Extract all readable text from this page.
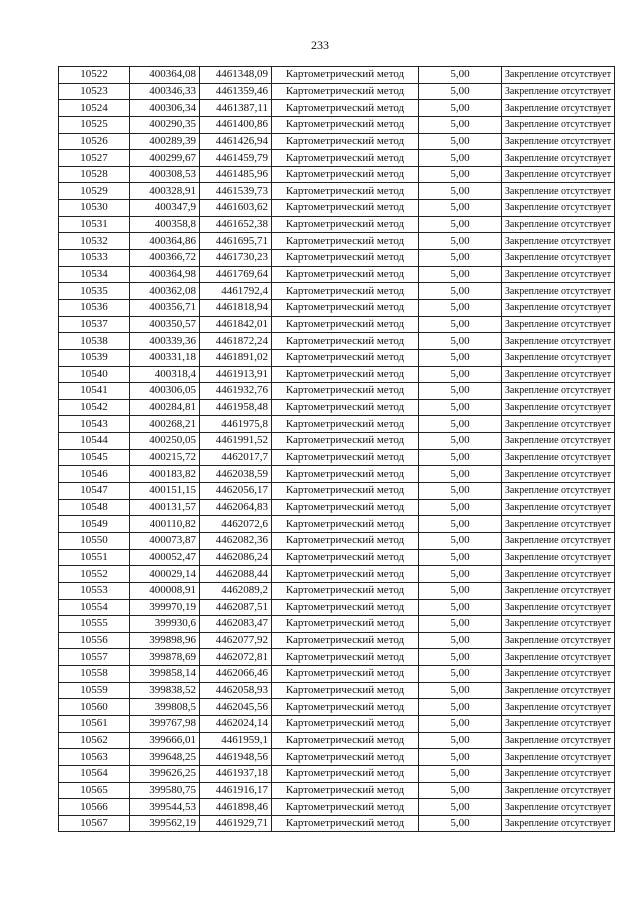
233
10522	400364,08	4461348,09	Картометрический метод	5,00	Закрепление отсутствует
10523	400346,33	4461359,46	Картометрический метод	5,00	Закрепление отсутствует
10524	400306,34	4461387,11	Картометрический метод	5,00	Закрепление отсутствует
10525	400290,35	4461400,86	Картометрический метод	5,00	Закрепление отсутствует
10526	400289,39	4461426,94	Картометрический метод	5,00	Закрепление отсутствует
10527	400299,67	4461459,79	Картометрический метод	5,00	Закрепление отсутствует
10528	400308,53	4461485,96	Картометрический метод	5,00	Закрепление отсутствует
10529	400328,91	4461539,73	Картометрический метод	5,00	Закрепление отсутствует
10530	400347,9	4461603,62	Картометрический метод	5,00	Закрепление отсутствует
10531	400358,8	4461652,38	Картометрический метод	5,00	Закрепление отсутствует
10532	400364,86	4461695,71	Картометрический метод	5,00	Закрепление отсутствует
10533	400366,72	4461730,23	Картометрический метод	5,00	Закрепление отсутствует
10534	400364,98	4461769,64	Картометрический метод	5,00	Закрепление отсутствует
10535	400362,08	4461792,4	Картометрический метод	5,00	Закрепление отсутствует
10536	400356,71	4461818,94	Картометрический метод	5,00	Закрепление отсутствует
10537	400350,57	4461842,01	Картометрический метод	5,00	Закрепление отсутствует
10538	400339,36	4461872,24	Картометрический метод	5,00	Закрепление отсутствует
10539	400331,18	4461891,02	Картометрический метод	5,00	Закрепление отсутствует
10540	400318,4	4461913,91	Картометрический метод	5,00	Закрепление отсутствует
10541	400306,05	4461932,76	Картометрический метод	5,00	Закрепление отсутствует
10542	400284,81	4461958,48	Картометрический метод	5,00	Закрепление отсутствует
10543	400268,21	4461975,8	Картометрический метод	5,00	Закрепление отсутствует
10544	400250,05	4461991,52	Картометрический метод	5,00	Закрепление отсутствует
10545	400215,72	4462017,7	Картометрический метод	5,00	Закрепление отсутствует
10546	400183,82	4462038,59	Картометрический метод	5,00	Закрепление отсутствует
10547	400151,15	4462056,17	Картометрический метод	5,00	Закрепление отсутствует
10548	400131,57	4462064,83	Картометрический метод	5,00	Закрепление отсутствует
10549	400110,82	4462072,6	Картометрический метод	5,00	Закрепление отсутствует
10550	400073,87	4462082,36	Картометрический метод	5,00	Закрепление отсутствует
10551	400052,47	4462086,24	Картометрический метод	5,00	Закрепление отсутствует
10552	400029,14	4462088,44	Картометрический метод	5,00	Закрепление отсутствует
10553	400008,91	4462089,2	Картометрический метод	5,00	Закрепление отсутствует
10554	399970,19	4462087,51	Картометрический метод	5,00	Закрепление отсутствует
10555	399930,6	4462083,47	Картометрический метод	5,00	Закрепление отсутствует
10556	399898,96	4462077,92	Картометрический метод	5,00	Закрепление отсутствует
10557	399878,69	4462072,81	Картометрический метод	5,00	Закрепление отсутствует
10558	399858,14	4462066,46	Картометрический метод	5,00	Закрепление отсутствует
10559	399838,52	4462058,93	Картометрический метод	5,00	Закрепление отсутствует
10560	399808,5	4462045,56	Картометрический метод	5,00	Закрепление отсутствует
10561	399767,98	4462024,14	Картометрический метод	5,00	Закрепление отсутствует
10562	399666,01	4461959,1	Картометрический метод	5,00	Закрепление отсутствует
10563	399648,25	4461948,56	Картометрический метод	5,00	Закрепление отсутствует
10564	399626,25	4461937,18	Картометрический метод	5,00	Закрепление отсутствует
10565	399580,75	4461916,17	Картометрический метод	5,00	Закрепление отсутствует
10566	399544,53	4461898,46	Картометрический метод	5,00	Закрепление отсутствует
10567	399562,19	4461929,71	Картометрический метод	5,00	Закрепление отсутствует
